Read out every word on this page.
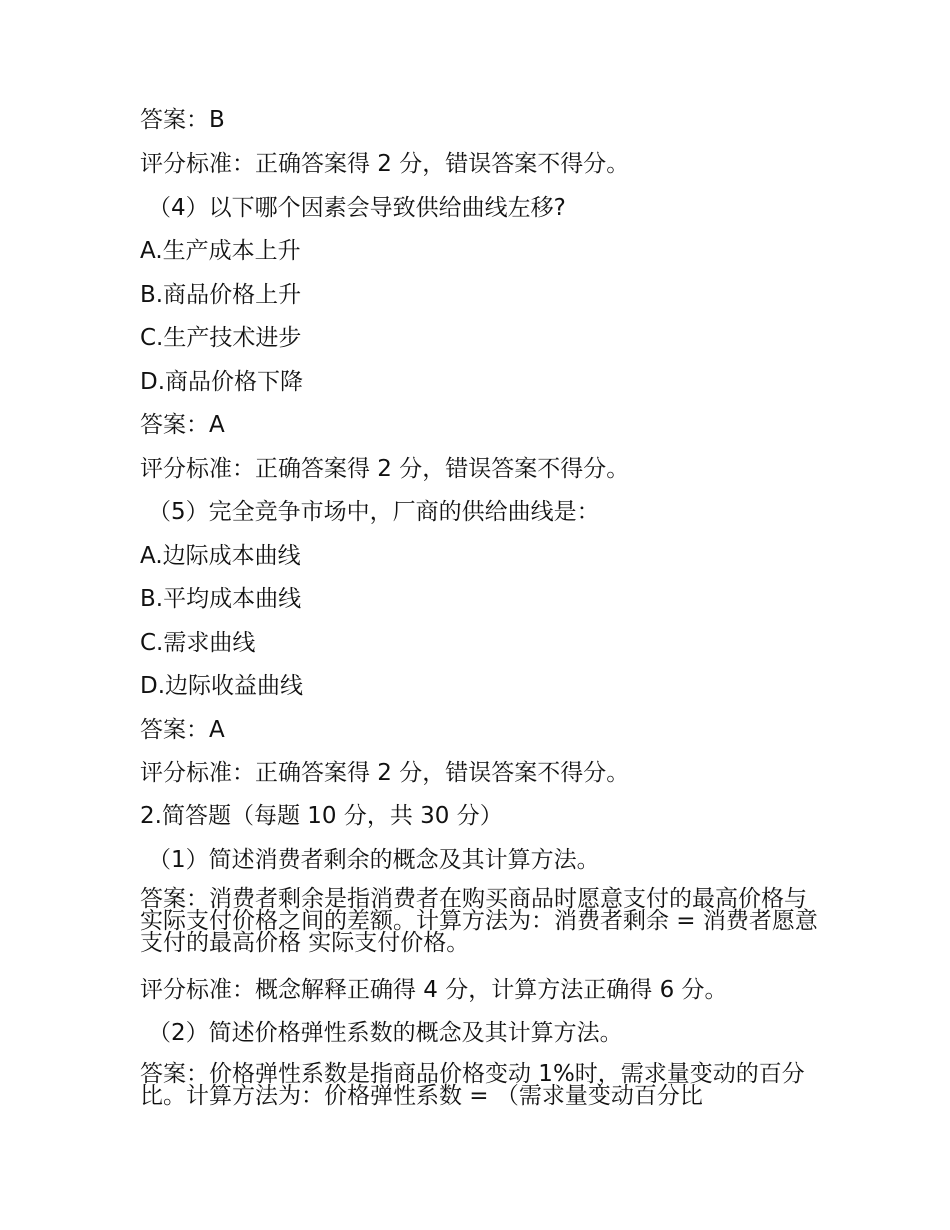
答案：B
评分标准：正确答案得 2 分，错误答案不得分。
（4）以下哪个因素会导致供给曲线左移?
A.生产成本上升
B.商品价格上升
C.生产技术进步
D.商品价格下降
答案：A
评分标准：正确答案得 2 分，错误答案不得分。
（5）完全竞争市场中，厂商的供给曲线是：
A.边际成本曲线
B.平均成本曲线
C.需求曲线
D.边际收益曲线
答案：A
评分标准：正确答案得 2 分，错误答案不得分。
2.简答题（每题 10 分，共 30 分）
（1）简述消费者剩余的概念及其计算方法。
答案：消费者剩余是指消费者在购买商品时愿意支付的最高价格与实际支付价格之间的差额。计算方法为：消费者剩余 = 消费者愿意支付的最高价格 实际支付价格。
评分标准：概念解释正确得 4 分，计算方法正确得 6 分。
（2）简述价格弹性系数的概念及其计算方法。
答案：价格弹性系数是指商品价格变动 1%时，需求量变动的百分比。计算方法为：价格弹性系数 = （需求量变动百分比
